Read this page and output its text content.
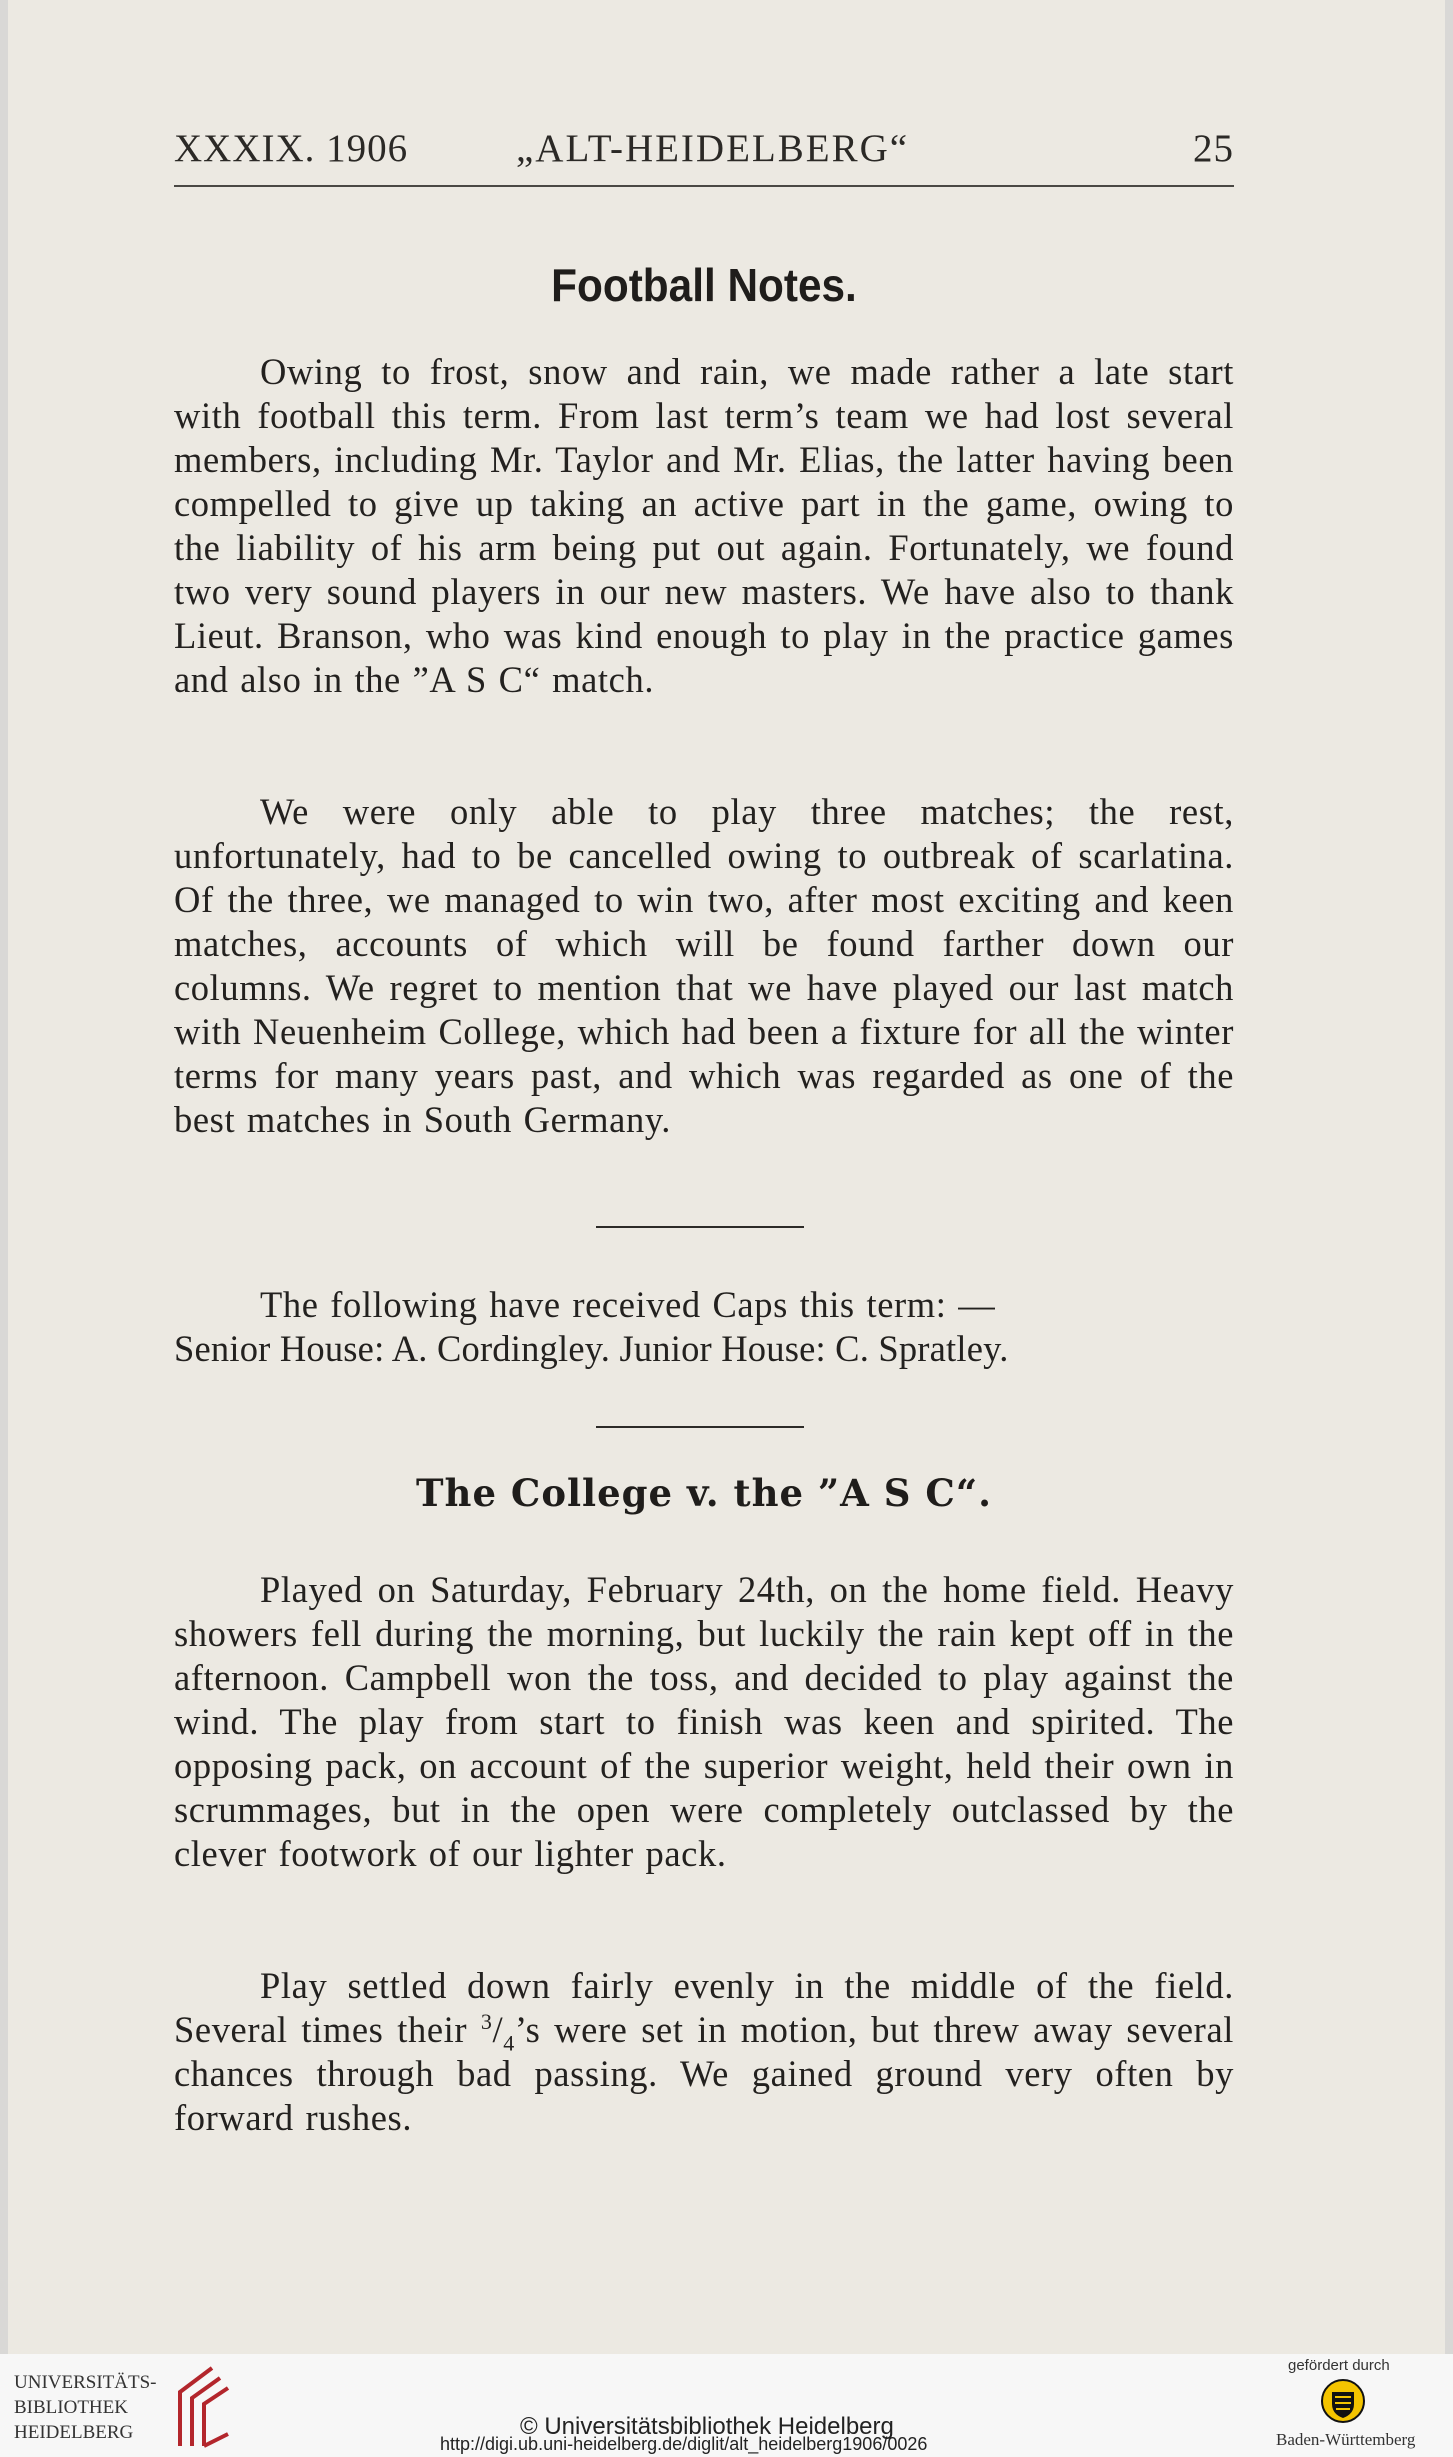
XXXIX. 1906	„ALT-HEIDELBERG“	25
Football Notes.

Owing to frost, snow and rain, we made rather a late start with football this term. From last term’s team we had lost several members, including Mr. Taylor and Mr. Elias, the latter having been compelled to give up taking an active part in the game, owing to the liability of his arm being put out again. Fortunately, we found two very sound players in our new masters. We have also to thank Lieut. Branson, who was kind enough to play in the practice games and also in the ”A S C“ match.

We were only able to play three matches; the rest, unfortunately, had to be cancelled owing to outbreak of scarlatina. Of the three, we managed to win two, after most exciting and keen matches, accounts of which will be found farther down our columns. We regret to mention that we have played our last match with Neuenheim College, which had been a fixture for all the winter terms for many years past, and which was regarded as one of the best matches in South Germany.

The following have received Caps this term: —

Senior House: A. Cordingley. Junior House: C. Spratley.

The College v. the ”A S C“.

Played on Saturday, February 24th, on the home field. Heavy showers fell during the morning, but luckily the rain kept off in the afternoon. Campbell won the toss, and decided to play against the wind. The play from start to finish was keen and spirited. The opposing pack, on account of the superior weight, held their own in scrummages, but in the open were completely outclassed by the clever footwork of our lighter pack.

Play settled down fairly evenly in the middle of the field. Several times their $^3/_4’s$ were set in motion, but threw away several chances through bad passing. We gained ground very often by forward rushes.

UNIVERSITÄTS-
BIBLIOTHEK
HEIDELBERG	© Universitätsbibliothek Heidelberg
http://digi.ub.uni-heidelberg.de/diglit/alt_heidelberg1906/0026
gefördert durch
Baden-Württemberg
